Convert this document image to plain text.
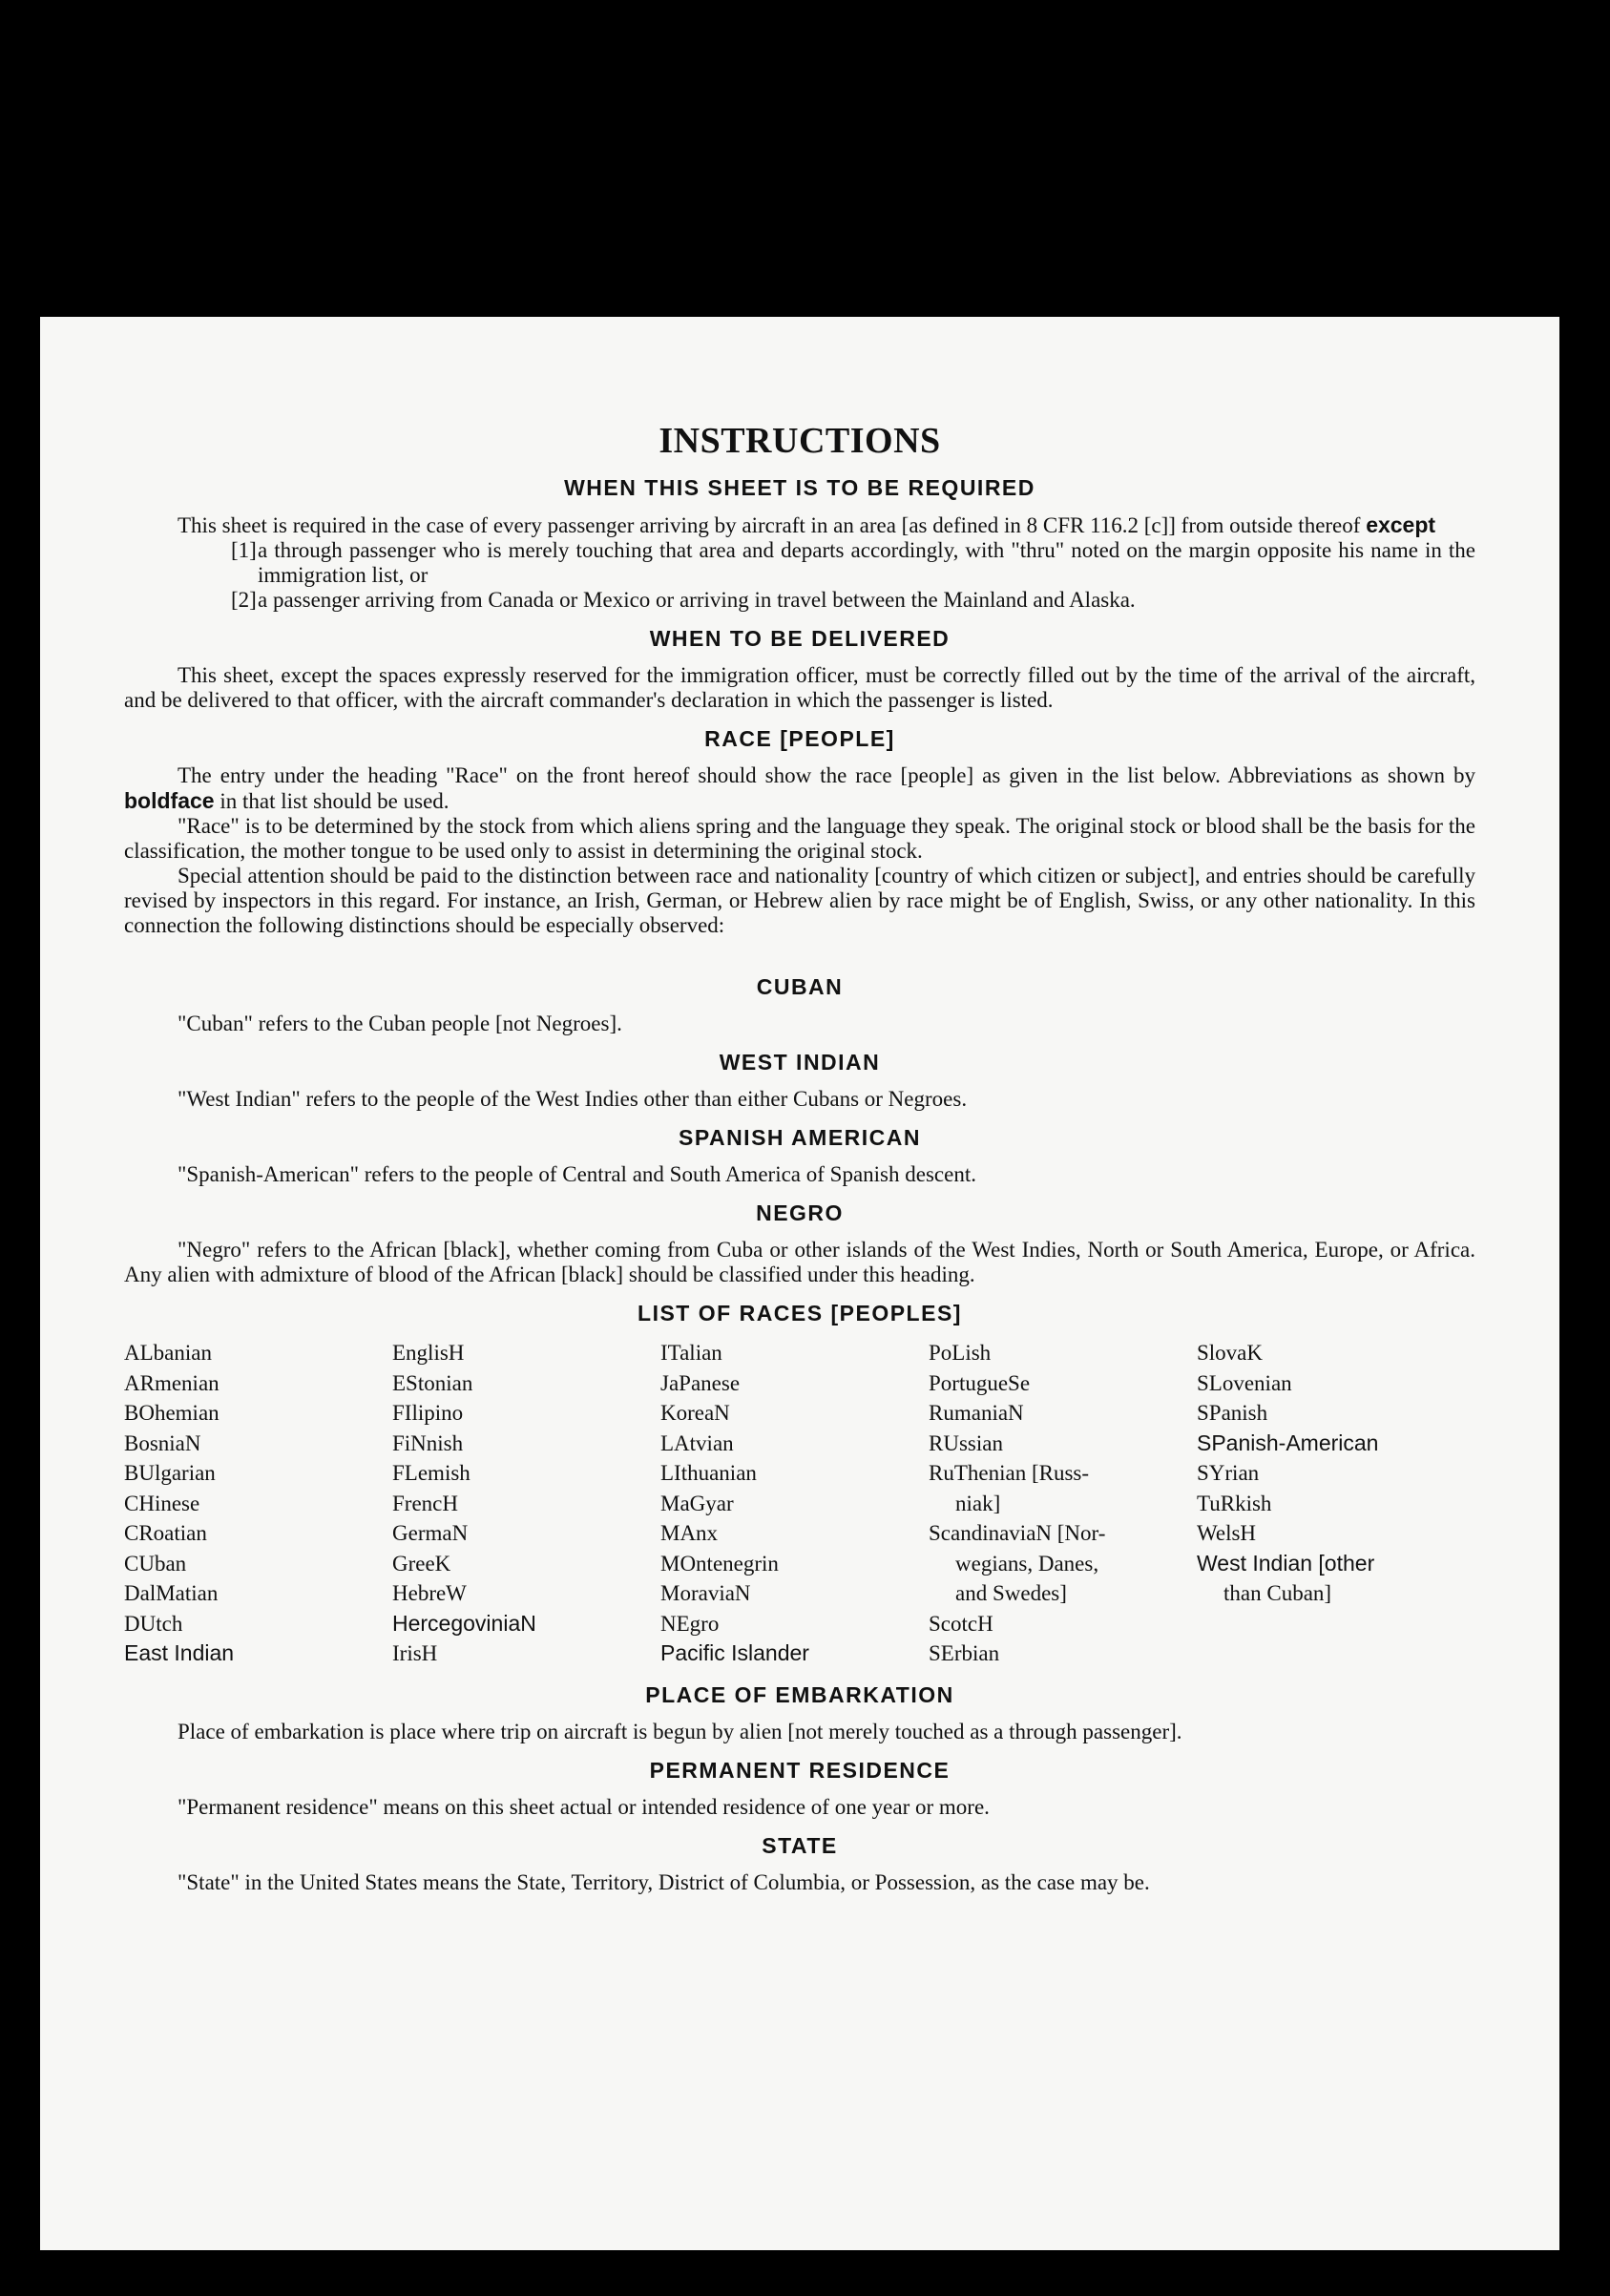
INSTRUCTIONS
WHEN THIS SHEET IS TO BE REQUIRED

This sheet is required in the case of every passenger arriving by aircraft in an area [as defined in 8 CFR 116.2 [c]] from outside thereof except

[1] a through passenger who is merely touching that area and departs accordingly, with "thru" noted on the margin opposite his name in the immigration list, or
[2] a passenger arriving from Canada or Mexico or arriving in travel between the Mainland and Alaska.
WHEN TO BE DELIVERED

This sheet, except the spaces expressly reserved for the immigration officer, must be correctly filled out by the time of the arrival of the aircraft, and be delivered to that officer, with the aircraft commander's declaration in which the passenger is listed.

RACE [PEOPLE]

The entry under the heading "Race" on the front hereof should show the race [people] as given in the list below. Abbreviations as shown by boldface in that list should be used.

"Race" is to be determined by the stock from which aliens spring and the language they speak. The original stock or blood shall be the basis for the classification, the mother tongue to be used only to assist in determining the original stock.

Special attention should be paid to the distinction between race and nationality [country of which citizen or subject], and entries should be carefully revised by inspectors in this regard. For instance, an Irish, German, or Hebrew alien by race might be of English, Swiss, or any other nationality. In this connection the following distinctions should be especially observed:

CUBAN

"Cuban" refers to the Cuban people [not Negroes].

WEST INDIAN

"West Indian" refers to the people of the West Indies other than either Cubans or Negroes.

SPANISH AMERICAN

"Spanish-American" refers to the people of Central and South America of Spanish descent.

NEGRO

"Negro" refers to the African [black], whether coming from Cuba or other islands of the West Indies, North or South America, Europe, or Africa. Any alien with admixture of blood of the African [black] should be classified under this heading.

LIST OF RACES [PEOPLES]
ALbanian
ARmenian
BOhemian
BosniaN
BUlgarian
CHinese
CRoatian
CUban
DalMatian
DUtch
East Indian
EnglisH
EStonian
FIlipino
FiNnish
FLemish
FrencH
GermaN
GreeK
HebreW
HercegoviniaN
IrisH
ITalian
JaPanese
KoreaN
LAtvian
LIthuanian
MaGyar
MAnx
MOntenegrin
MoraviaN
NEgro
Pacific Islander
PoLish
PortugueSe
RumaniaN
RUssian
RuThenian [Russ-
niak]
ScandinaviaN [Nor-
wegians, Danes,
and Swedes]
ScotcH
SErbian
SlovaK
SLovenian
SPanish
SPanish-American
SYrian
TuRkish
WelsH
West Indian [other
than Cuban]
PLACE OF EMBARKATION

Place of embarkation is place where trip on aircraft is begun by alien [not merely touched as a through passenger].

PERMANENT RESIDENCE

"Permanent residence" means on this sheet actual or intended residence of one year or more.

STATE

"State" in the United States means the State, Territory, District of Columbia, or Possession, as the case may be.
